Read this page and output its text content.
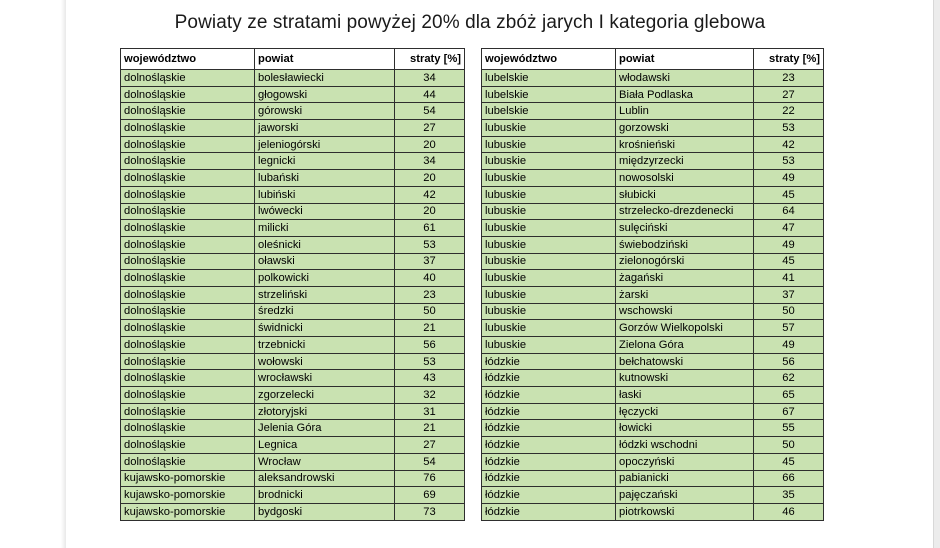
Powiaty ze stratami powyżej 20% dla zbóż jarych I kategoria glebowa
województwo	powiat	straty [%]
dolnośląskie	bolesławiecki	34
dolnośląskie	głogowski	44
dolnośląskie	górowski	54
dolnośląskie	jaworski	27
dolnośląskie	jeleniogórski	20
dolnośląskie	legnicki	34
dolnośląskie	lubański	20
dolnośląskie	lubiński	42
dolnośląskie	lwówecki	20
dolnośląskie	milicki	61
dolnośląskie	oleśnicki	53
dolnośląskie	oławski	37
dolnośląskie	polkowicki	40
dolnośląskie	strzeliński	23
dolnośląskie	średzki	50
dolnośląskie	świdnicki	21
dolnośląskie	trzebnicki	56
dolnośląskie	wołowski	53
dolnośląskie	wrocławski	43
dolnośląskie	zgorzelecki	32
dolnośląskie	złotoryjski	31
dolnośląskie	Jelenia Góra	21
dolnośląskie	Legnica	27
dolnośląskie	Wrocław	54
kujawsko-pomorskie	aleksandrowski	76
kujawsko-pomorskie	brodnicki	69
kujawsko-pomorskie	bydgoski	73
województwo	powiat	straty [%]
lubelskie	włodawski	23
lubelskie	Biała Podlaska	27
lubelskie	Lublin	22
lubuskie	gorzowski	53
lubuskie	krośnieński	42
lubuskie	międzyrzecki	53
lubuskie	nowosolski	49
lubuskie	słubicki	45
lubuskie	strzelecko-drezdenecki	64
lubuskie	sulęciński	47
lubuskie	świebodziński	49
lubuskie	zielonogórski	45
lubuskie	żagański	41
lubuskie	żarski	37
lubuskie	wschowski	50
lubuskie	Gorzów Wielkopolski	57
lubuskie	Zielona Góra	49
łódzkie	bełchatowski	56
łódzkie	kutnowski	62
łódzkie	łaski	65
łódzkie	łęczycki	67
łódzkie	łowicki	55
łódzkie	łódzki wschodni	50
łódzkie	opoczyński	45
łódzkie	pabianicki	66
łódzkie	pajęczański	35
łódzkie	piotrkowski	46
